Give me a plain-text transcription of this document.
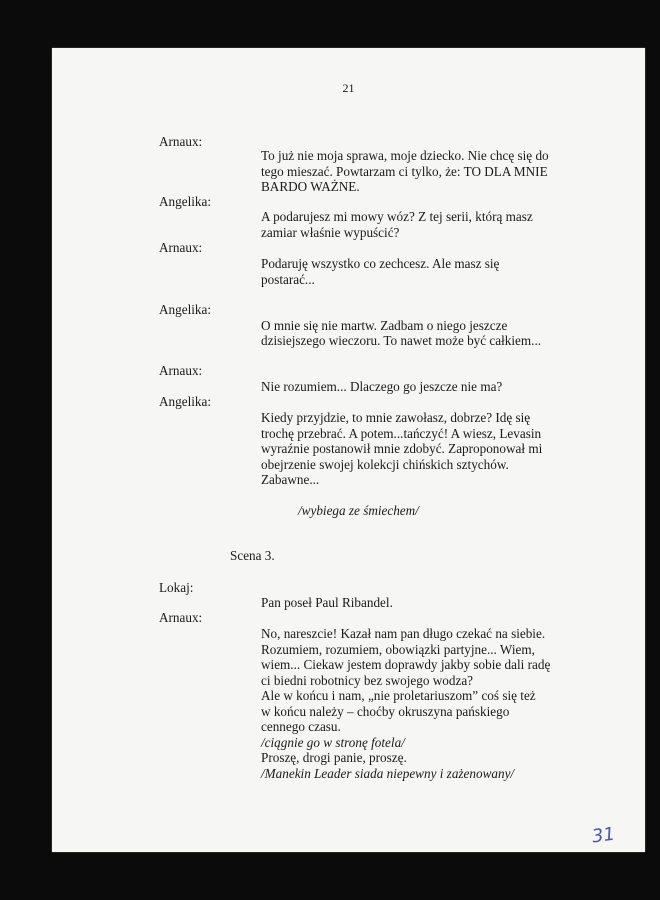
21
Arnaux:
Angelika:
Arnaux:
Angelika:
Arnaux:
Angelika:
Lokaj:
Arnaux:
To już nie moja sprawa, moje dziecko. Nie chcę się do
tego mieszać. Powtarzam ci tylko, że: TO DLA MNIE
BARDO WAŻNE.
A podarujesz mi mowy wóz? Z tej serii, którą masz
zamiar właśnie wypuścić?
Podaruję wszystko co zechcesz. Ale masz się
postarać...
O mnie się nie martw. Zadbam o niego jeszcze
dzisiejszego wieczoru. To nawet może być całkiem...
Nie rozumiem... Dlaczego go jeszcze nie ma?
Kiedy przyjdzie, to mnie zawołasz, dobrze? Idę się
trochę przebrać. A potem...tańczyć! A wiesz, Levasin
wyraźnie postanowił mnie zdobyć. Zaproponował mi
obejrzenie swojej kolekcji chińskich sztychów.
Zabawne...
/wybiega ze śmiechem/
Scena 3.
Pan poseł Paul Ribandel.
No, nareszcie! Kazał nam pan długo czekać na siebie.
Rozumiem, rozumiem, obowiązki partyjne... Wiem,
wiem... Ciekaw jestem doprawdy jakby sobie dali radę
ci biedni robotnicy bez swojego wodza?
Ale w końcu i nam, „nie proletariuszom” coś się też
w końcu należy – choćby okruszyna pańskiego
cennego czasu.
/ciągnie go w stronę fotela/
Proszę, drogi panie, proszę.
/Manekin Leader siada niepewny i zażenowany/
31
